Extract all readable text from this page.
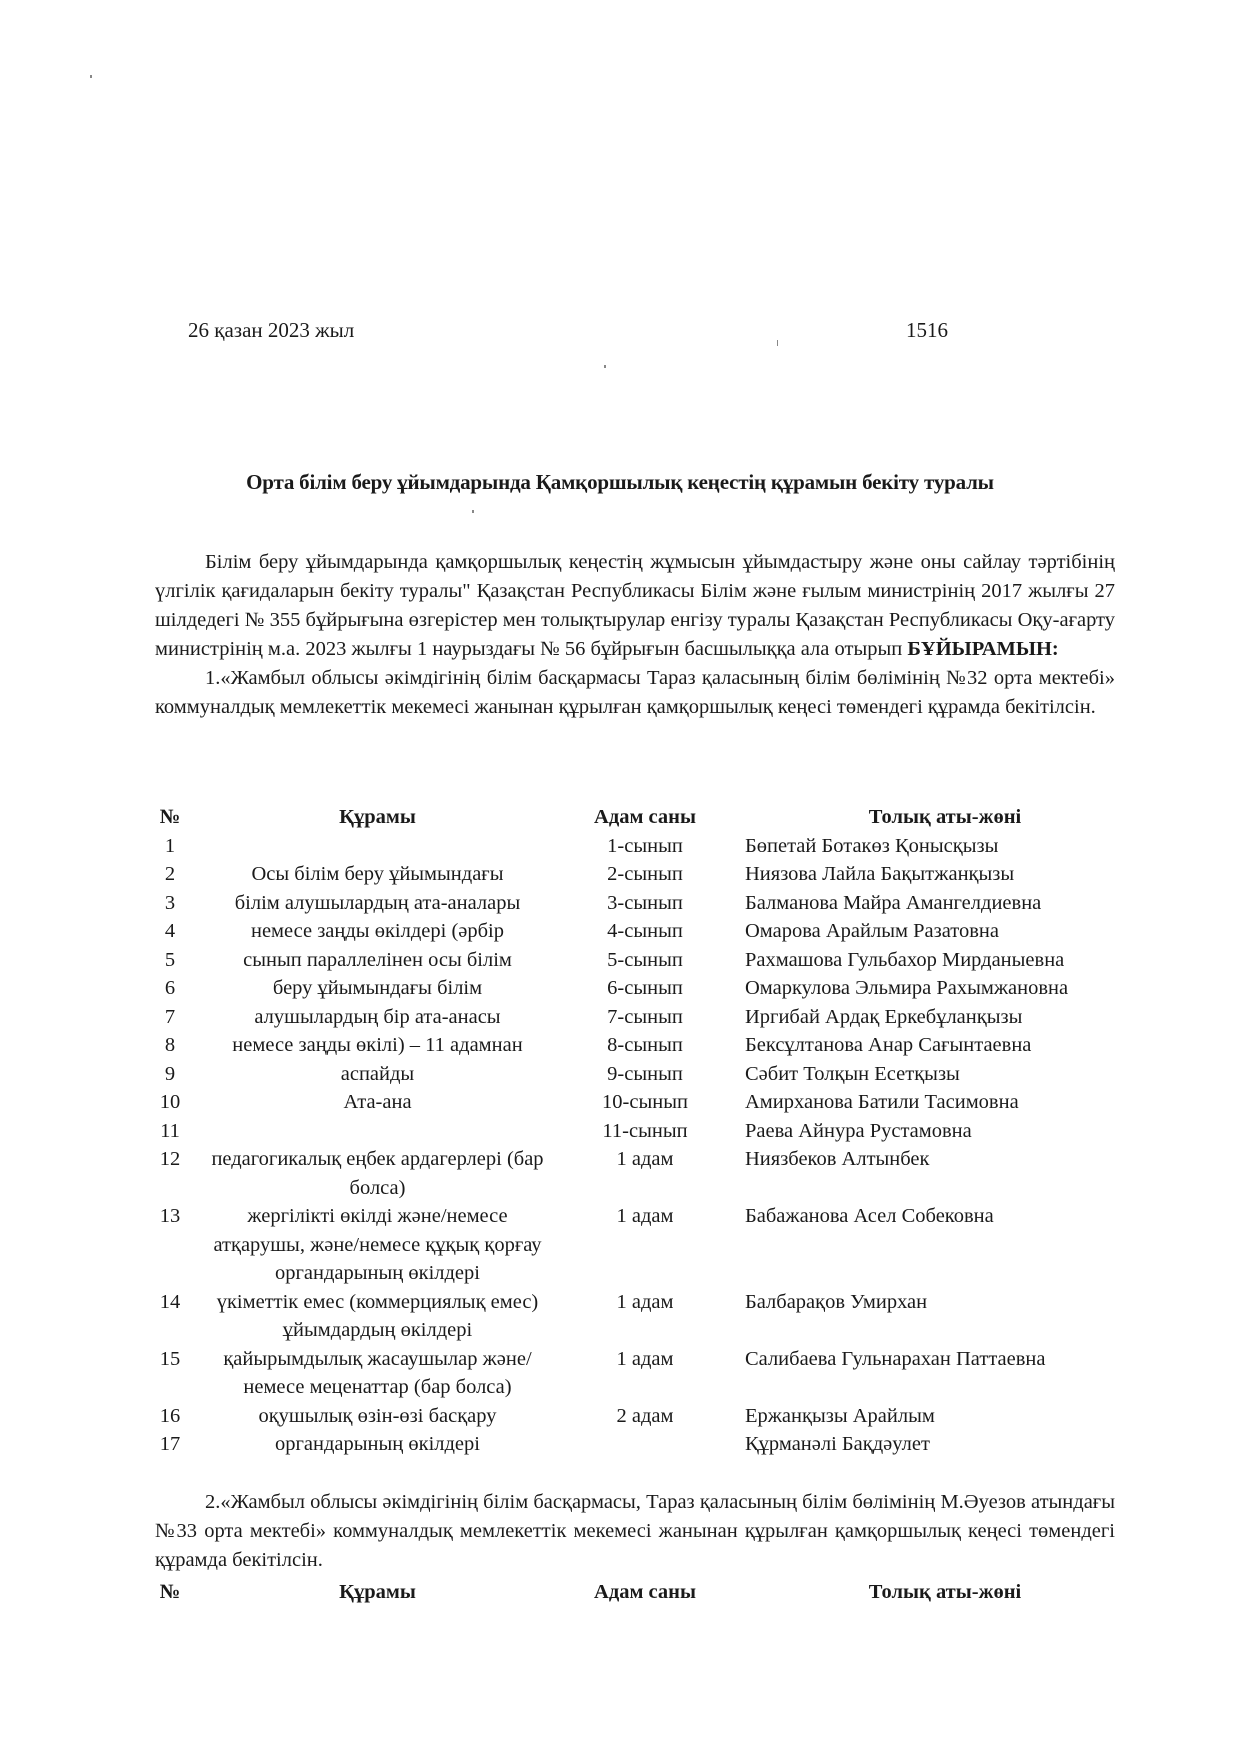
26 қазан 2023 жыл	1516
Орта білім беру ұйымдарында Қамқоршылық кеңестің құрамын бекіту туралы

Білім беру ұйымдарында қамқоршылық кеңестің жұмысын ұйымдастыру және оны сайлау тәртібінің үлгілік қағидаларын бекіту туралы" Қазақстан Республикасы Білім және ғылым министрінің 2017 жылғы 27 шілдедегі № 355 бұйрығына өзгерістер мен толықтырулар енгізу туралы Қазақстан Республикасы Оқу-ағарту министрінің м.а. 2023 жылғы 1 наурыздағы № 56 бұйрығын басшылыққа ала отырып БҰЙЫРАМЫН:

1.«Жамбыл облысы әкімдігінің білім басқармасы Тараз қаласының білім бөлімінің №32 орта мектебі» коммуналдық мемлекеттік мекемесі жанынан құрылған қамқоршылық кеңесі төмендегі құрамда бекітілсін.

№	Құрамы	Адам саны	Толық аты-жөні
1		1-сынып	Бөпетай Ботакөз Қонысқызы
2	Осы білім беру ұйымындағы	2-сынып	Ниязова Лайла Бақытжанқызы
3	білім алушылардың ата-аналары	3-сынып	Балманова Майра Амангелдиевна
4	немесе заңды өкілдері (әрбір	4-сынып	Омарова Арайлым Разатовна
5	сынып параллелінен осы білім	5-сынып	Рахмашова Гульбахор Мирданыевна
6	беру ұйымындағы білім	6-сынып	Омаркулова Эльмира Рахымжановна
7	алушылардың бір ата-анасы	7-сынып	Иргибай Ардақ Еркебұланқызы
8	немесе заңды өкілі) – 11 адамнан	8-сынып	Бексұлтанова Анар Сағынтаевна
9	аспайды	9-сынып	Сәбит Толқын Есетқызы
10	Ата-ана	10-сынып	Амирханова Батили Тасимовна
11		11-сынып	Раева Айнура Рустамовна
12	педагогикалық еңбек ардагерлері (бар болса)	1 адам	Ниязбеков Алтынбек
13	жергілікті өкілді және/немесе атқарушы, және/немесе құқық қорғау органдарының өкілдері	1 адам	Бабажанова Асел Собековна
14	үкіметтік емес (коммерциялық емес) ұйымдардың өкілдері	1 адам	Балбарақов Умирхан
15	қайырымдылық жасаушылар және/немесе меценаттар (бар болса)	1 адам	Салибаева Гульнарахан Паттаевна
16	оқушылық өзін-өзі басқару	2 адам	Ержанқызы Арайлым
17	органдарының өкілдері		Құрманәлі Бақдәулет

2.«Жамбыл облысы әкімдігінің білім басқармасы, Тараз қаласының білім бөлімінің М.Әуезов атындағы №33 орта мектебі» коммуналдық мемлекеттік мекемесі жанынан құрылған қамқоршылық кеңесі төмендегі құрамда бекітілсін.

№	Құрамы	Адам саны	Толық аты-жөні
